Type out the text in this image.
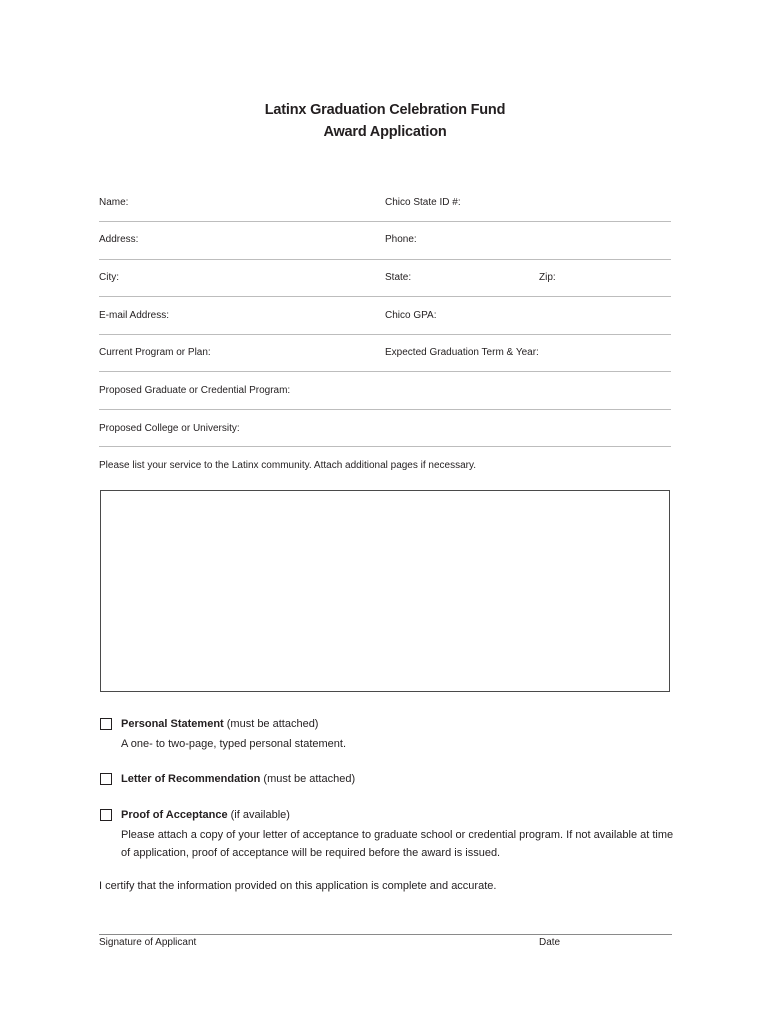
Latinx Graduation Celebration Fund
Award Application
Name:	Chico State ID #:
Address:	Phone:
City:	State:	Zip:
E-mail Address:	Chico GPA:
Current Program or Plan:	Expected Graduation Term & Year:
Proposed Graduate or Credential Program:
Proposed College or University:
Please list your service to the Latinx community. Attach additional pages if necessary.
Personal Statement (must be attached)
A one- to two-page, typed personal statement.
Letter of Recommendation (must be attached)
Proof of Acceptance (if available)
Please attach a copy of your letter of acceptance to graduate school or credential program. If not available at time of application, proof of acceptance will be required before the award is issued.
I certify that the information provided on this application is complete and accurate.
Signature of Applicant	Date
